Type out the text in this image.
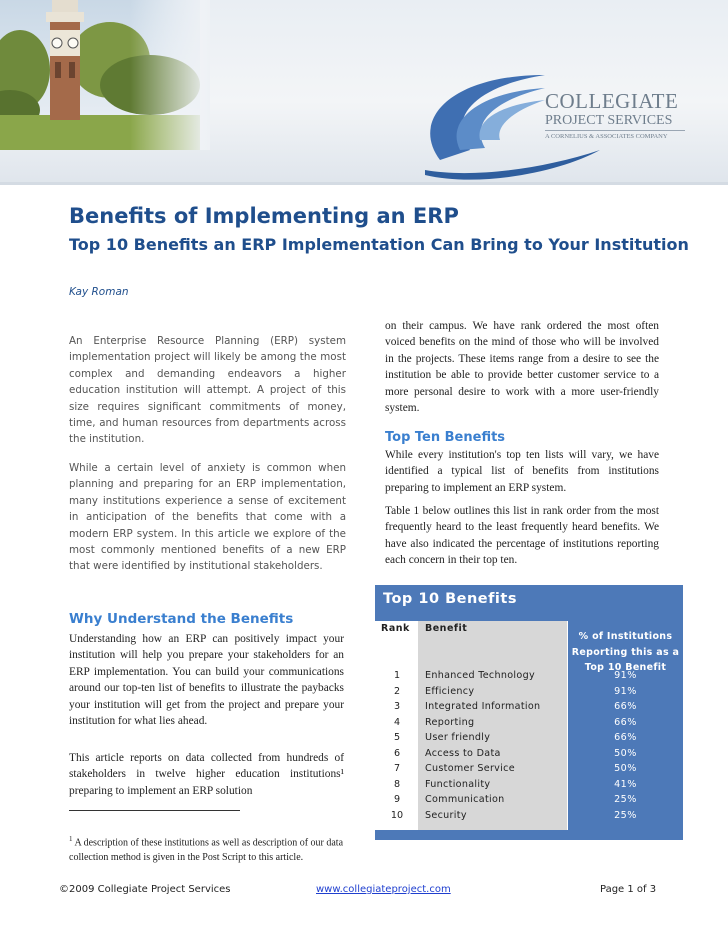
COLLEGIATE
PROJECT SERVICES
A CORNELIUS & ASSOCIATES COMPANY
Benefits of Implementing an ERP
Top 10 Benefits an ERP Implementation Can Bring to Your Institution
Kay Roman

An Enterprise Resource Planning (ERP) system implementation project will likely be among the most complex and demanding endeavors a higher education institution will attempt. A project of this size requires significant commitments of money, time, and human resources from departments across the institution.

While a certain level of anxiety is common when planning and preparing for an ERP implementation, many institutions experience a sense of excitement in anticipation of the benefits that come with a modern ERP system. In this article we explore of the most commonly mentioned benefits of a new ERP that were identified by institutional stakeholders.

Why Understand the Benefits

Understanding how an ERP can positively impact your institution will help you prepare your stakeholders for an ERP implementation. You can build your communications around our top-ten list of benefits to illustrate the paybacks your institution will get from the project and prepare your institution for what lies ahead.

This article reports on data collected from hundreds of stakeholders in twelve higher education institutions¹ preparing to implement an ERP solution

$^1$ A description of these institutions as well as description of our data collection method is given in the Post Script to this article.

on their campus. We have rank ordered the most often voiced benefits on the mind of those who will be involved in the projects. These items range from a desire to see the institution be able to provide better customer service to a more personal desire to work with a more user-friendly system.

Top Ten Benefits

While every institution's top ten lists will vary, we have identified a typical list of benefits from institutions preparing to implement an ERP system.

Table 1 below outlines this list in rank order from the most frequently heard to the least frequently heard benefits. We have also indicated the percentage of institutions reporting each concern in their top ten.

Top 10 Benefits
Rank Benefit
% of Institutions Reporting this as a Top 10 Benefit
1	Enhanced Technology	91%
2	Efficiency	91%
3	Integrated Information	66%
4	Reporting	66%
5	User friendly	66%
6	Access to Data	50%
7	Customer Service	50%
8	Functionality	41%
9	Communication	25%
10	Security	25%
©2009 Collegiate Project Services	www.collegiateproject.com	Page 1 of 3
